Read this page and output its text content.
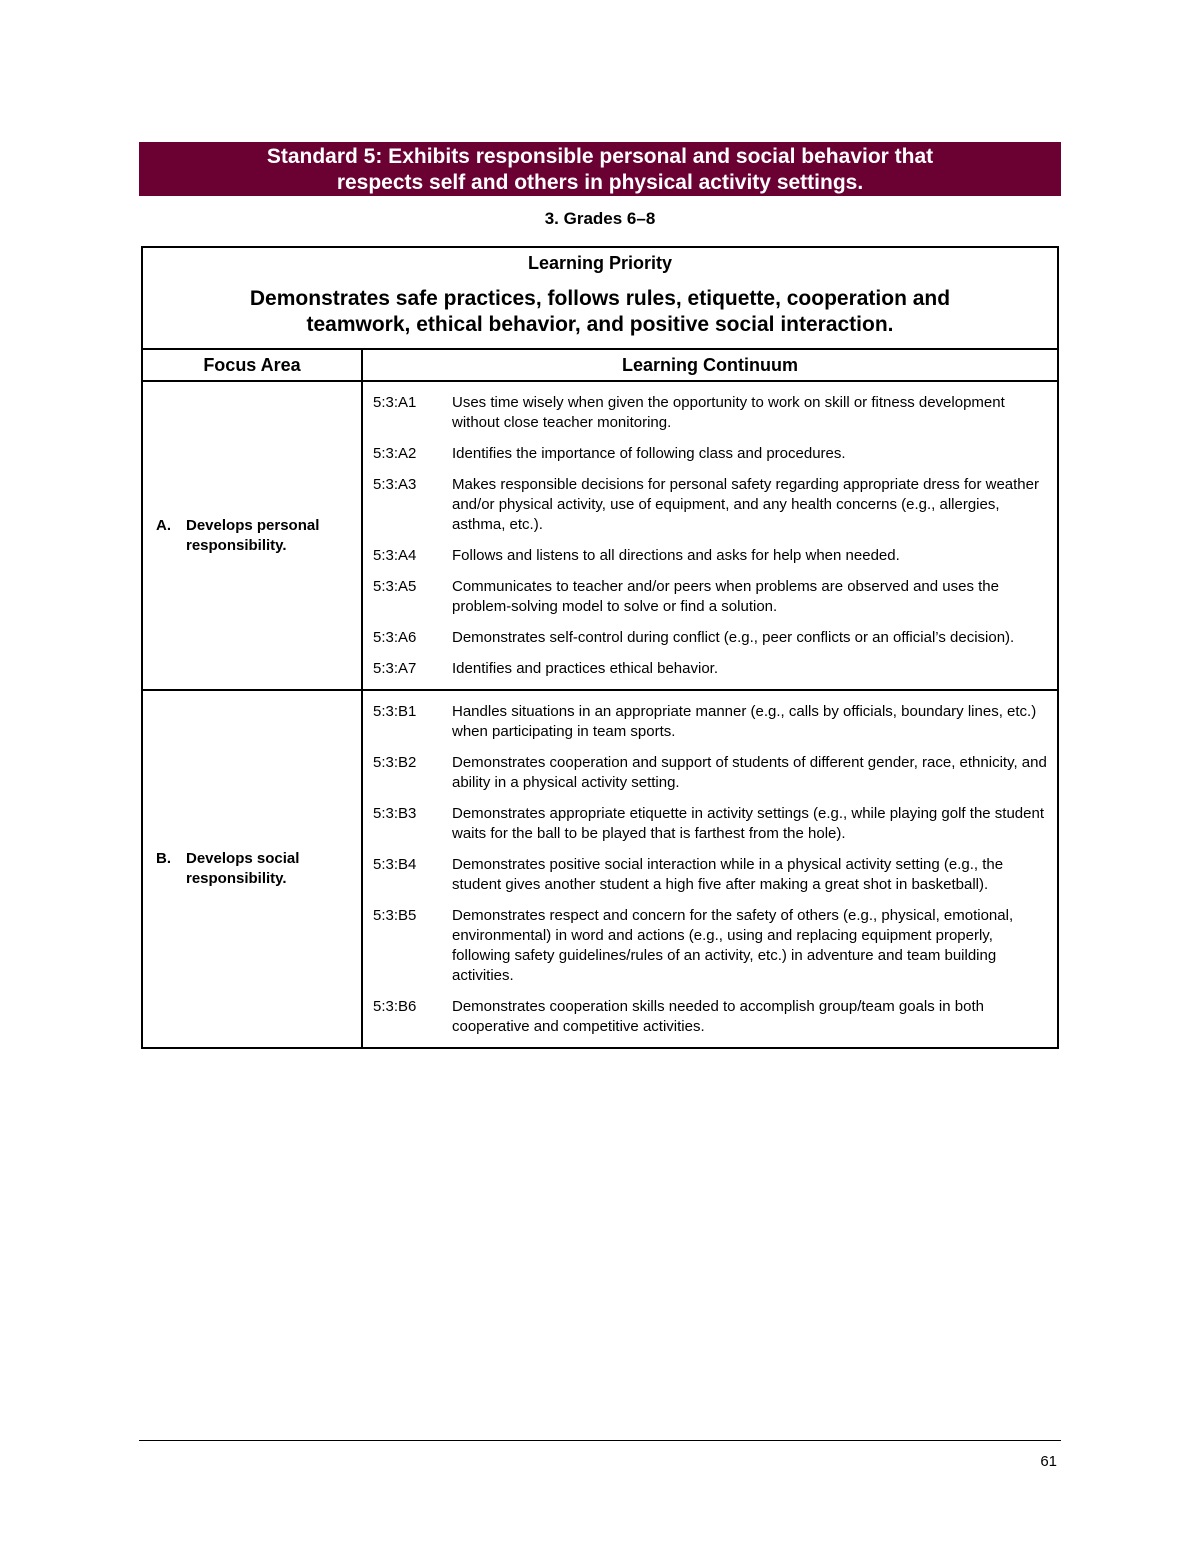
Standard 5: Exhibits responsible personal and social behavior that
respects self and others in physical activity settings.
3. Grades 6–8
Learning Priority
Demonstrates safe practices, follows rules, etiquette, cooperation and
teamwork, ethical behavior, and positive social interaction.
Focus Area	Learning Continuum
A.	Develops personal
responsibility.
5:3:A1	Uses time wisely when given the opportunity to work on skill or fitness development without close teacher monitoring.
5:3:A2	Identifies the importance of following class and procedures.
5:3:A3	Makes responsible decisions for personal safety regarding appropriate dress for weather and/or physical activity, use of equipment, and any health concerns (e.g., allergies, asthma, etc.).
5:3:A4	Follows and listens to all directions and asks for help when needed.
5:3:A5	Communicates to teacher and/or peers when problems are observed and uses the problem-solving model to solve or find a solution.
5:3:A6	Demonstrates self-control during conflict (e.g., peer conflicts or an official’s decision).
5:3:A7	Identifies and practices ethical behavior.
B.	Develops social
responsibility.
5:3:B1	Handles situations in an appropriate manner (e.g., calls by officials, boundary lines, etc.) when participating in team sports.
5:3:B2	Demonstrates cooperation and support of students of different gender, race, ethnicity, and ability in a physical activity setting.
5:3:B3	Demonstrates appropriate etiquette in activity settings (e.g., while playing golf the student waits for the ball to be played that is farthest from the hole).
5:3:B4	Demonstrates positive social interaction while in a physical activity setting (e.g., the student gives another student a high five after making a great shot in basketball).
5:3:B5	Demonstrates respect and concern for the safety of others (e.g., physical, emotional, environmental) in word and actions (e.g., using and replacing equipment properly, following safety guidelines/rules of an activity, etc.) in adventure and team building activities.
5:3:B6	Demonstrates cooperation skills needed to accomplish group/team goals in both cooperative and competitive activities.
61
